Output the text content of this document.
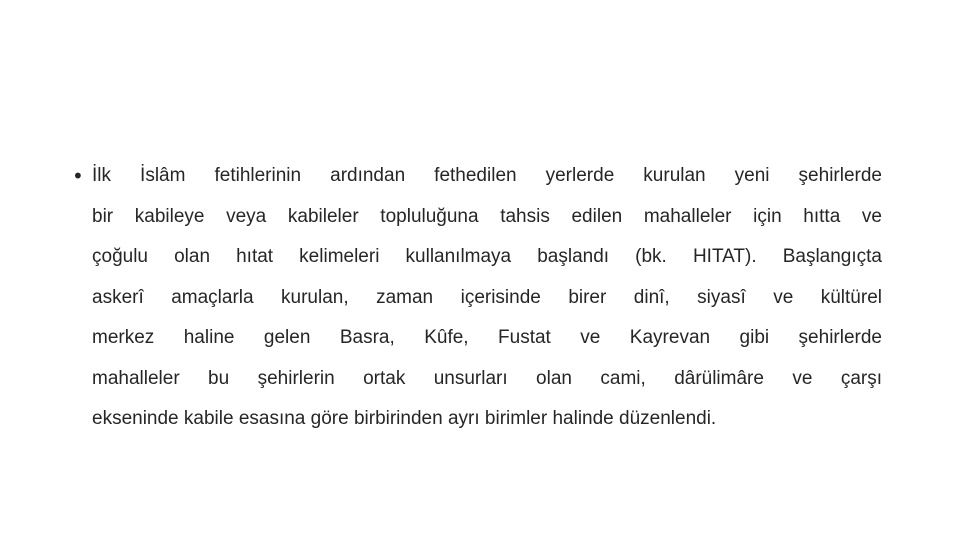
• İlk İslâm fetihlerinin ardından fethedilen yerlerde kurulan yeni şehirlerde
bir kabileye veya kabileler topluluğuna tahsis edilen mahalleler için hıtta ve
çoğulu olan hıtat kelimeleri kullanılmaya başlandı (bk. HITAT). Başlangıçta
askerî amaçlarla kurulan, zaman içerisinde birer dinî, siyasî ve kültürel
merkez haline gelen Basra, Kûfe, Fustat ve Kayrevan gibi şehirlerde
mahalleler bu şehirlerin ortak unsurları olan cami, dârülimâre ve çarşı
ekseninde kabile esasına göre birbirinden ayrı birimler halinde düzenlendi.
